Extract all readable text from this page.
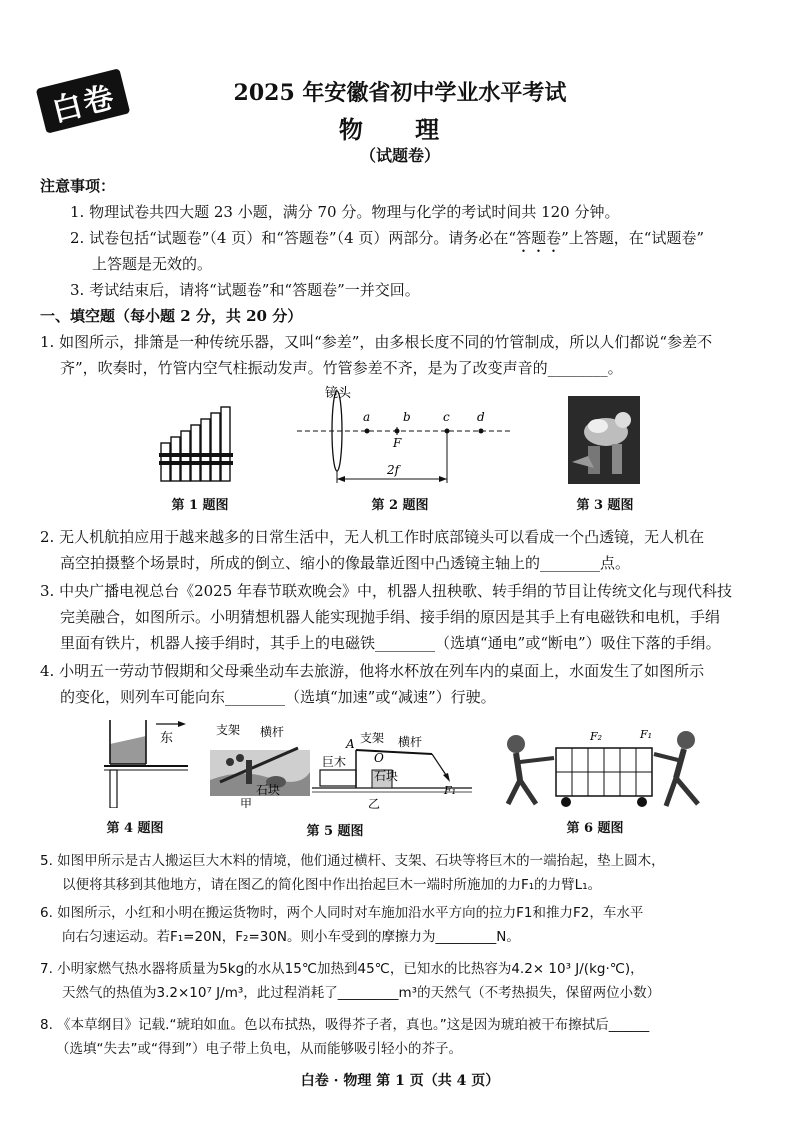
白卷	2025 年安徽省初中学业水平考试
物 理
（试题卷）
注意事项：
1. 物理试卷共四大题 23 小题，满分 70 分。物理与化学的考试时间共 120 分钟。
2. 试卷包括“试题卷”（4 页）和“答题卷”（4 页）两部分。请务必在“答题卷”上答题，在“试题卷”
上答题是无效的。
3. 考试结束后，请将“试题卷”和“答题卷”一并交回。
一、填空题（每小题 2 分，共 20 分）
1. 如图所示，排箫是一种传统乐器，又叫“参差”，由多根长度不同的竹管制成，所以人们都说“参差不
齐”，吹奏时，竹管内空气柱振动发声。竹管参差不齐，是为了改变声音的________。
第 1 题图
镜头
a	b	c d
F
2f
第 2 题图	第 3 题图
2. 无人机航拍应用于越来越多的日常生活中，无人机工作时底部镜头可以看成一个凸透镜，无人机在
高空拍摄整个场景时，所成的倒立、缩小的像最靠近图中凸透镜主轴上的________点。
3. 中央广播电视总台《2025 年春节联欢晚会》中，机器人扭秧歌、转手绢的节目让传统文化与现代科技
完美融合，如图所示。小明猜想机器人能实现抛手绢、接手绢的原因是其手上有电磁铁和电机，手绢
里面有铁片，机器人接手绢时，其手上的电磁铁________（选填“通电”或“断电”）吸住下落的手绢。
4. 小明五一劳动节假期和父母乘坐动车去旅游，他将水杯放在列车内的桌面上，水面发生了如图所示
的变化，则列车可能向东________（选填“加速”或“减速”）行驶。
东
第 4 题图
支架 横杆
石块
甲
A 支架 横杆
巨木 O
石块
乙
F₁
第 5 题图
F₂	F₁
第 6 题图
5. 如图甲所示是古人搬运巨大木料的情境，他们通过横杆、支架、石块等将巨木的一端抬起，垫上圆木，
以便将其移到其他地方，请在图乙的简化图中作出抬起巨木一端时所施加的力F₁的力臂L₁。
6. 如图所示，小红和小明在搬运货物时，两个人同时对车施加沿水平方向的拉力F1和推力F2，车水平
向右匀速运动。若F₁=20N，F₂=30N。则小车受到的摩擦力为_________N。
7. 小明家燃气热水器将质量为5kg的水从15℃加热到45℃，已知水的比热容为4.2× 10³ J/(kg·℃)，
天然气的热值为3.2×10⁷ J/m³，此过程消耗了_________m³的天然气（不考热损失，保留两位小数）
8. 《本草纲目》记载.“琥珀如血。色以布拭热，吸得芥子者，真也。”这是因为琥珀被干布擦拭后______
（选填“失去”或“得到”）电子带上负电，从而能够吸引轻小的芥子。
白卷 · 物理 第 1 页（共 4 页）
